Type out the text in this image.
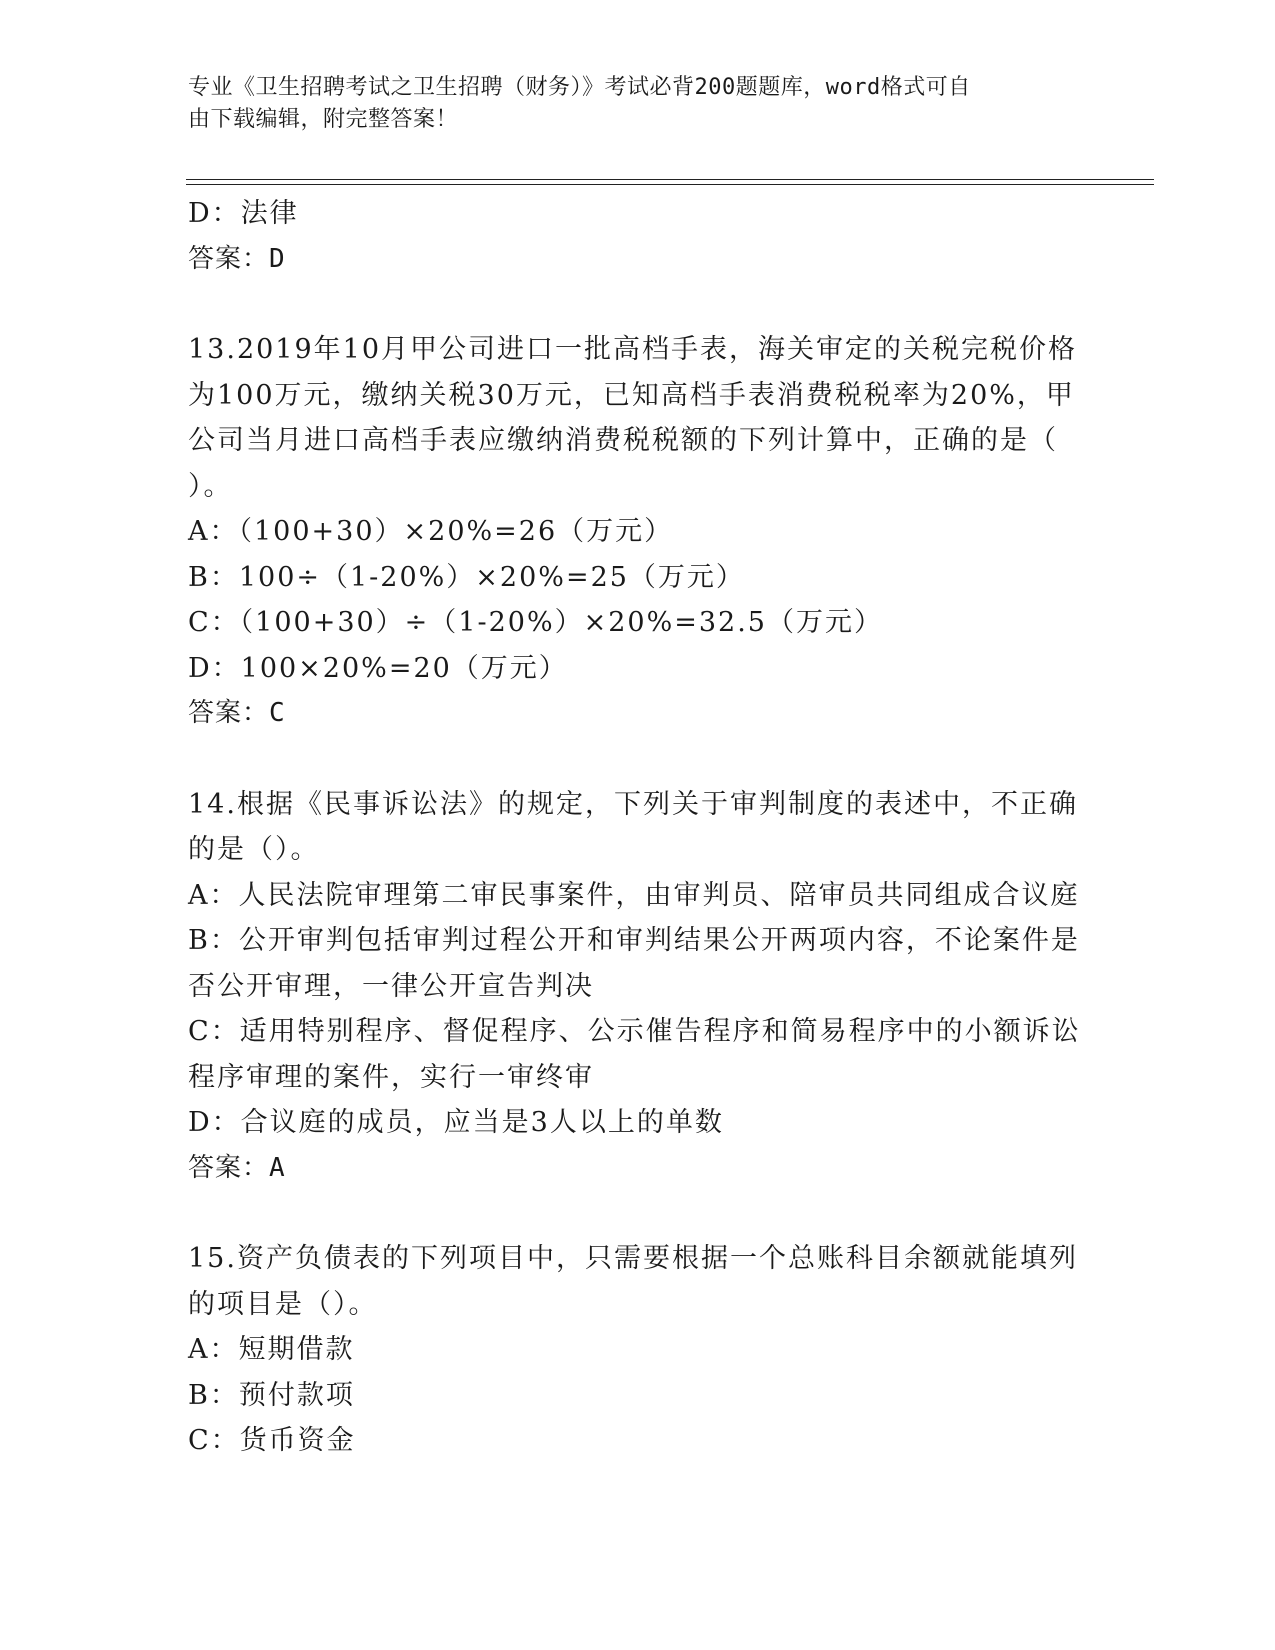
专业《卫生招聘考试之卫生招聘（财务）》考试必背200题题库，word格式可自
由下载编辑，附完整答案！
D：法律
答案：D
13.2019年10月甲公司进口一批高档手表，海关审定的关税完税价格
为100万元，缴纳关税30万元，已知高档手表消费税税率为20%，甲
公司当月进口高档手表应缴纳消费税税额的下列计算中，正确的是（
）。
A：（100+30）×20%=26（万元）
B：100÷（1-20%）×20%=25（万元）
C：（100+30）÷（1-20%）×20%=32.5（万元）
D：100×20%=20（万元）
答案：C
14.根据《民事诉讼法》的规定，下列关于审判制度的表述中，不正确
的是（）。
A：人民法院审理第二审民事案件，由审判员、陪审员共同组成合议庭
B：公开审判包括审判过程公开和审判结果公开两项内容，不论案件是
否公开审理，一律公开宣告判决
C：适用特别程序、督促程序、公示催告程序和简易程序中的小额诉讼
程序审理的案件，实行一审终审
D：合议庭的成员，应当是3人以上的单数
答案：A
15.资产负债表的下列项目中，只需要根据一个总账科目余额就能填列
的项目是（）。
A：短期借款
B：预付款项
C：货币资金
